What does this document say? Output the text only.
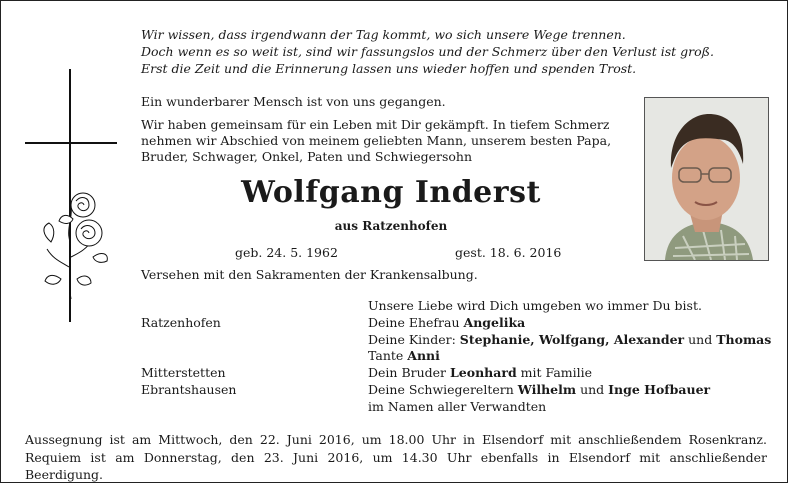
Wir wissen, dass irgendwann der Tag kommt, wo sich unsere Wege trennen.
Doch wenn es so weit ist, sind wir fassungslos und der Schmerz über den Verlust ist groß.
Erst die Zeit und die Erinnerung lassen uns wieder hoffen und spenden Trost.
Ein wunderbarer Mensch ist von uns gegangen.
Wir haben gemeinsam für ein Leben mit Dir gekämpft. In tiefem Schmerz
nehmen wir Abschied von meinem geliebten Mann, unserem besten Papa,
Bruder, Schwager, Onkel, Paten und Schwiegersohn
Wolfgang Inderst
aus Ratzenhofen
geb. 24. 5. 1962	gest. 18. 6. 2016
Versehen mit den Sakramenten der Krankensalbung.
Unsere Liebe wird Dich umgeben wo immer Du bist.
Ratzenhofen	Deine Ehefrau Angelika
Deine Kinder: Stephanie, Wolfgang, Alexander und Thomas
Tante Anni
Mitterstetten	Dein Bruder Leonhard mit Familie
Ebrantshausen	Deine Schwiegereltern Wilhelm und Inge Hofbauer
im Namen aller Verwandten
Aussegnung ist am Mittwoch, den 22. Juni 2016, um 18.00 Uhr in Elsendorf mit anschließendem Rosenkranz.
Requiem ist am Donnerstag, den 23. Juni 2016, um 14.30 Uhr ebenfalls in Elsendorf mit anschließender Beerdigung.
